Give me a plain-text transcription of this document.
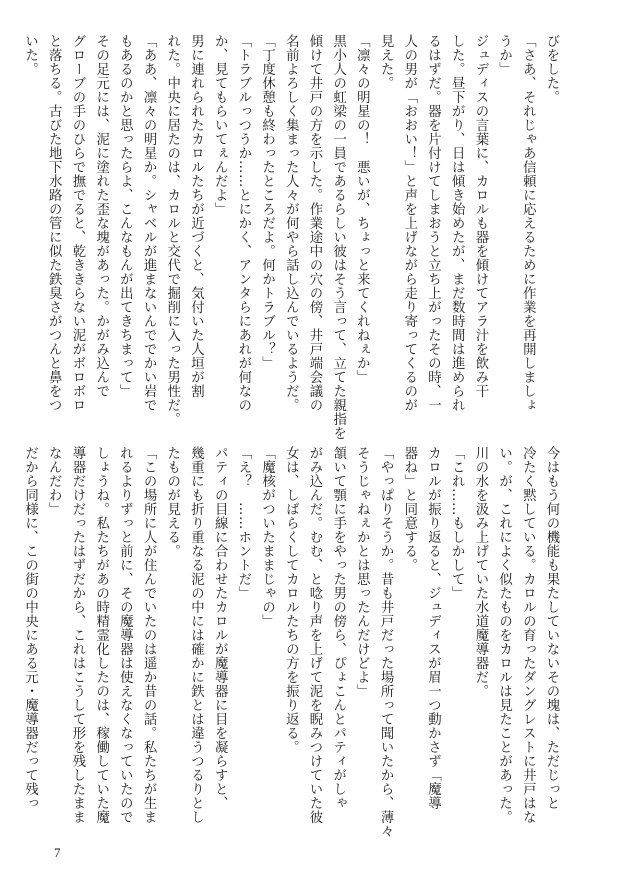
びをした。
「さあ、それじゃあ信頼に応えるために作業を再開しましょ
うか」
ジュディスの言葉に、カロルも器を傾けてアラ汁を飲み干
した。昼下がり、日は傾き始めたが、まだ数時間は進められ
るはずだ。器を片付けてしまおうと立ち上がったその時、一
人の男が「おおい！」と声を上げながら走り寄ってくるのが
見えた。
「凛々の明星の！　悪いが、ちょっと来てくれねぇか」
黒小人の虹梁の一員であるらしい彼はそう言って、立てた親指を
傾けて井戸の方を示した。作業途中の穴の傍、井戸端会議の
名前よろしく集まった人々が何やら話し込んでいるようだ。
「丁度休憩も終わったところだよ。何かトラブル？」
「トラブルっつうか……とにかく、アンタらにあれが何なの
か、見てもらいてぇんだよ」
男に連れられたカロルたちが近づくと、気付いた人垣が割
れた。中央に居たのは、カロルと交代で掘削に入った男性だ。
「ああ、凛々の明星か。シャベルが進まないんででかい岩で
もあるのかと思ったらよ、こんなもんが出てきちまって」
その足元には、泥に塗れた歪な塊があった。かがみ込んで
グローブの手のひらで撫でると、乾ききらない泥がボロボロ
と落ちる。古びた地下水路の管に似た鉄臭さがつんと鼻をつ
いた。
今はもう何の機能も果たしていないその塊は、ただじっと
冷たく黙している。カロルの育ったダングレストに井戸はな
い。が、これによく似たものをカロルは見たことがあった。
川の水を汲み上げていた水道魔導器だ。
「これ……もしかして」
カロルが振り返ると、ジュディスが眉一つ動かさず「魔導
器ね」と同意する。
「やっぱりそうか。昔も井戸だった場所って聞いたから、薄々
そうじゃねぇかとは思ったんだけどよ」
頷いて顎に手をやった男の傍ら、ぴょこんとパティがしゃ
がみ込んだ。むむ、と唸り声を上げて泥を睨みつけていた彼
女は、しばらくしてカロルたちの方を振り返る。
「魔核がついたままじゃの」
「え？　……ホントだ」
パティの目線に合わせたカロルが魔導器に目を凝らすと、
幾重にも折り重なる泥の中には確かに鉄とは違うつるりとし
たものが見える。
「この場所に人が住んでいたのは遥か昔の話。私たちが生ま
れるよりずっと前に、その魔導器は使えなくなっていたので
しょうね。私たちがあの時精霊化したのは、稼働していた魔
導器だけだったはずだから、これはこうして形を残したまま
なんだわ」
だから同様に、この街の中央にある元・魔導器だって残っ
7
